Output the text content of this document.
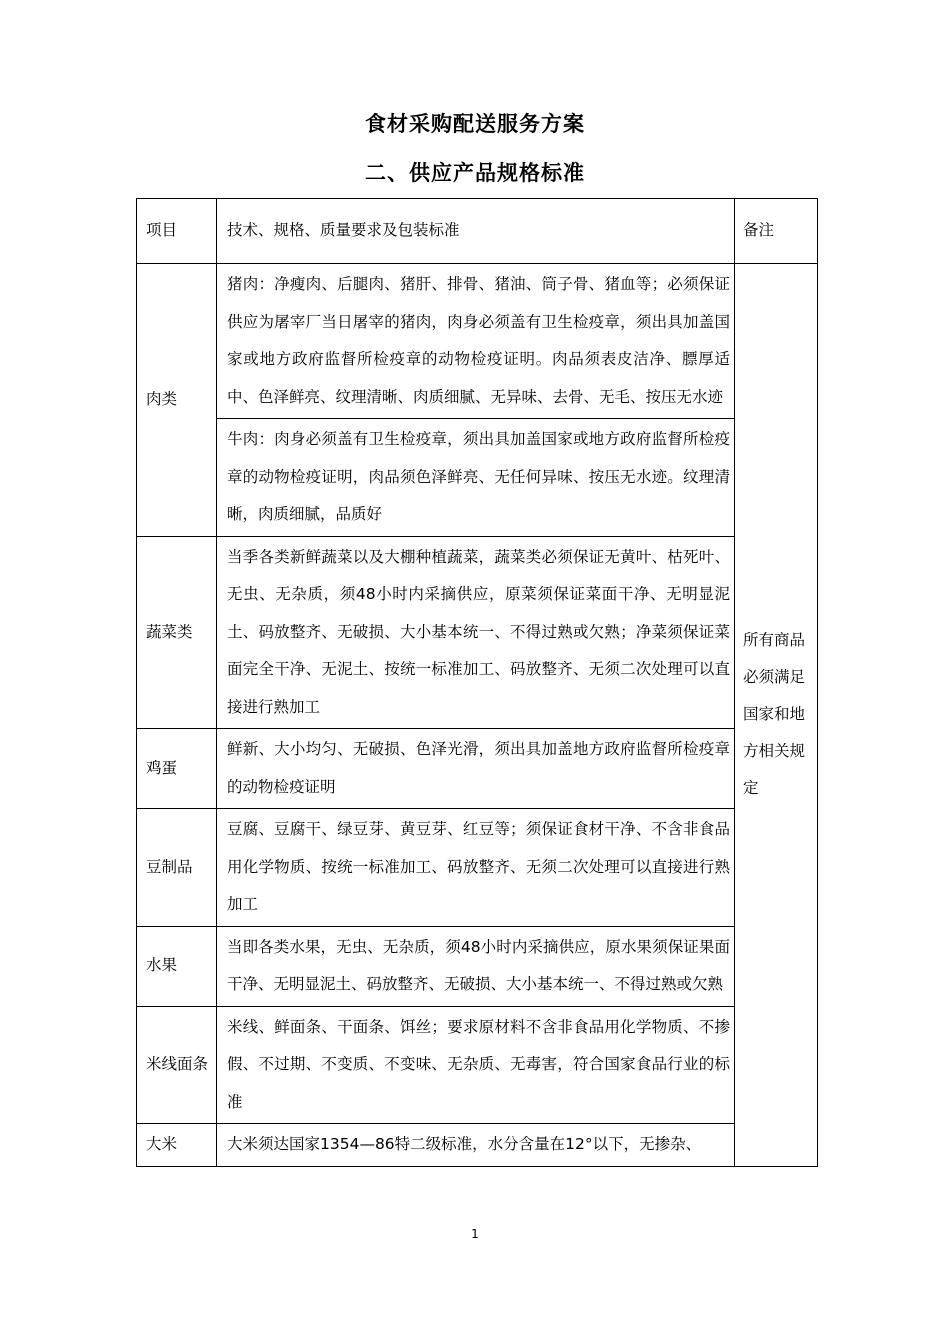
食材采购配送服务方案
二、供应产品规格标准
项目	技术、规格、质量要求及包装标准	备注
肉类	猪肉：净瘦肉、后腿肉、猪肝、排骨、猪油、筒子骨、猪血等；必须保证供应为屠宰厂当日屠宰的猪肉，肉身必须盖有卫生检疫章，须出具加盖国家或地方政府监督所检疫章的动物检疫证明。肉品须表皮洁净、膘厚适中、色泽鲜亮、纹理清晰、肉质细腻、无异味、去骨、无毛、按压无水迹	所有商品必须满足国家和地方相关规定
	牛肉：肉身必须盖有卫生检疫章，须出具加盖国家或地方政府监督所检疫章的动物检疫证明，肉品须色泽鲜亮、无任何异味、按压无水迹。纹理清晰，肉质细腻，品质好	
蔬菜类	当季各类新鲜蔬菜以及大棚种植蔬菜，蔬菜类必须保证无黄叶、枯死叶、无虫、无杂质，须48小时内采摘供应，原菜须保证菜面干净、无明显泥土、码放整齐、无破损、大小基本统一、不得过熟或欠熟；净菜须保证菜面完全干净、无泥土、按统一标准加工、码放整齐、无须二次处理可以直接进行熟加工	
鸡蛋	鲜新、大小均匀、无破损、色泽光滑，须出具加盖地方政府监督所检疫章的动物检疫证明	
豆制品	豆腐、豆腐干、绿豆芽、黄豆芽、红豆等；须保证食材干净、不含非食品用化学物质、按统一标准加工、码放整齐、无须二次处理可以直接进行熟加工	
水果	当即各类水果，无虫、无杂质，须48小时内采摘供应，原水果须保证果面干净、无明显泥土、码放整齐、无破损、大小基本统一、不得过熟或欠熟	
米线面条	米线、鲜面条、干面条、饵丝；要求原材料不含非食品用化学物质、不掺假、不过期、不变质、不变味、无杂质、无毒害，符合国家食品行业的标准	
大米	大米须达国家1354—86特二级标准，水分含量在12°以下，无掺杂、	
1
